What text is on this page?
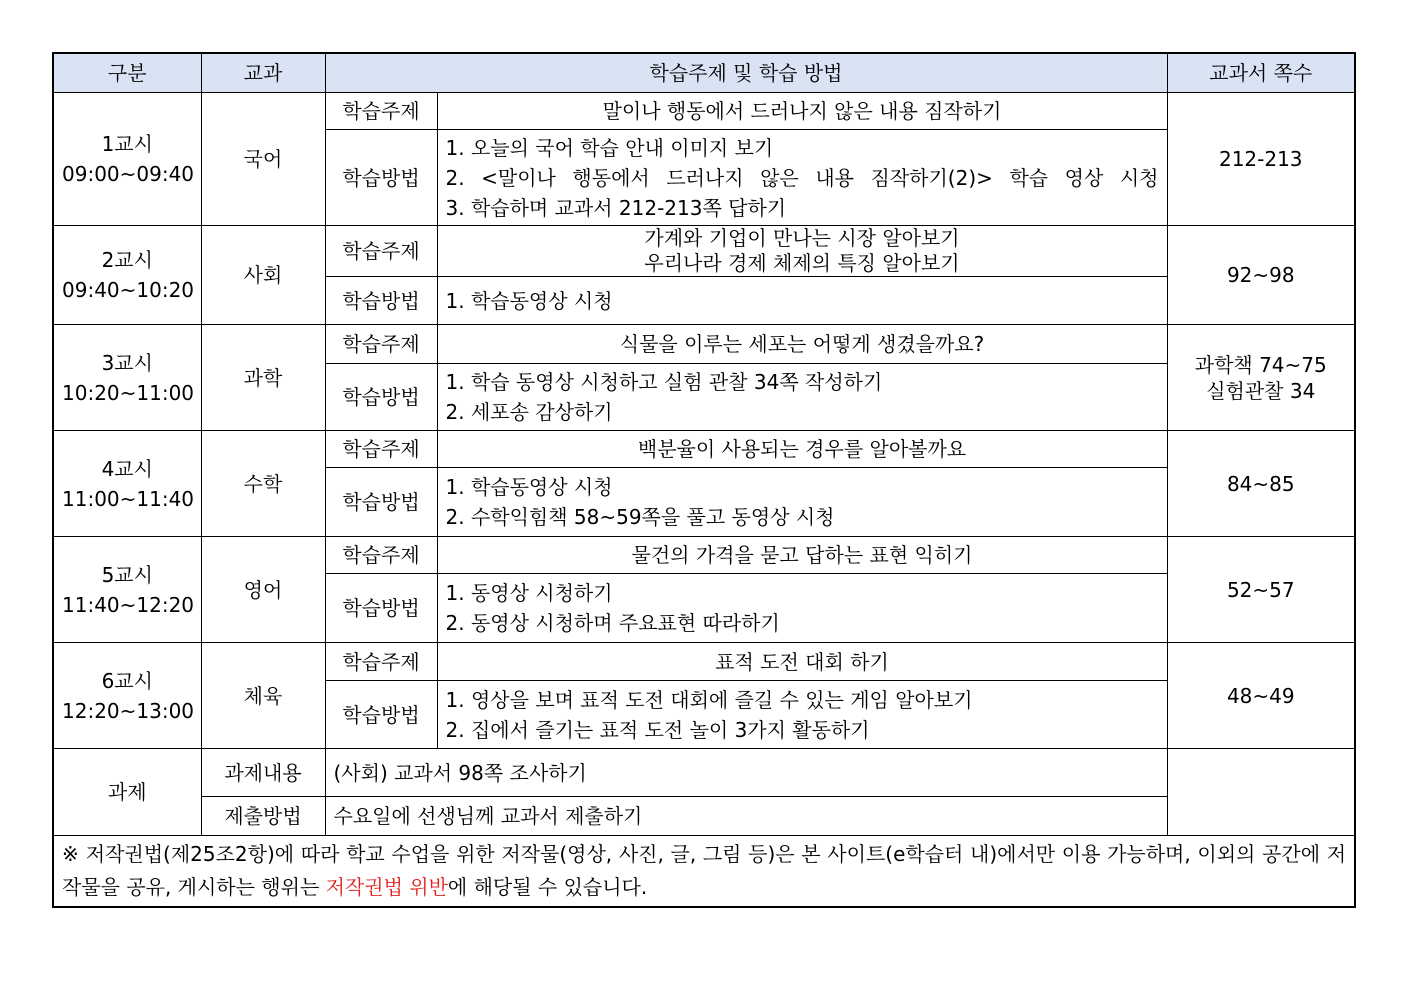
구분	교과	학습주제 및 학습 방법		교과서 쪽수

1교시
09:00~09:40	국어	학습주제	말이나 행동에서 드러나지 않은 내용 짐작하기	212-213

		학습방법	1. 오늘의 국어 학습 안내 이미지 보기
2. <말이나 행동에서 드러나지 않은 내용 짐작하기(2)> 학습 영상 시청
3. 학습하며 교과서 212-213쪽 답하기	

2교시
09:40~10:20	사회	학습주제	가계와 기업이 만나는 시장 알아보기
우리나라 경제 체제의 특징 알아보기	92~98

		학습방법	1. 학습동영상 시청	

3교시
10:20~11:00	과학	학습주제	식물을 이루는 세포는 어떻게 생겼을까요?	과학책 74~75
실험관찰 34

		학습방법	1. 학습 동영상 시청하고 실험 관찰 34쪽 작성하기
2. 세포송 감상하기	

4교시
11:00~11:40	수학	학습주제	백분율이 사용되는 경우를 알아볼까요	84~85

		학습방법	1. 학습동영상 시청
2. 수학익힘책 58~59쪽을 풀고 동영상 시청	

5교시
11:40~12:20	영어	학습주제	물건의 가격을 묻고 답하는 표현 익히기	52~57

		학습방법	1. 동영상 시청하기
2. 동영상 시청하며 주요표현 따라하기	

6교시
12:20~13:00	체육	학습주제	표적 도전 대회 하기	48~49

		학습방법	1. 영상을 보며 표적 도전 대회에 즐길 수 있는 게임 알아보기
2. 집에서 즐기는 표적 도전 놀이 3가지 활동하기	

과제	과제내용	(사회) 교과서 98쪽 조사하기		
	제출방법	수요일에 선생님께 교과서 제출하기		
※ 저작권법(제25조2항)에 따라 학교 수업을 위한 저작물(영상, 사진, 글, 그림 등)은 본 사이트(e학습터 내)에서만 이용 가능하며, 이외의 공간에 저작물을 공유, 게시하는 행위는 저작권법 위반에 해당될 수 있습니다.				
